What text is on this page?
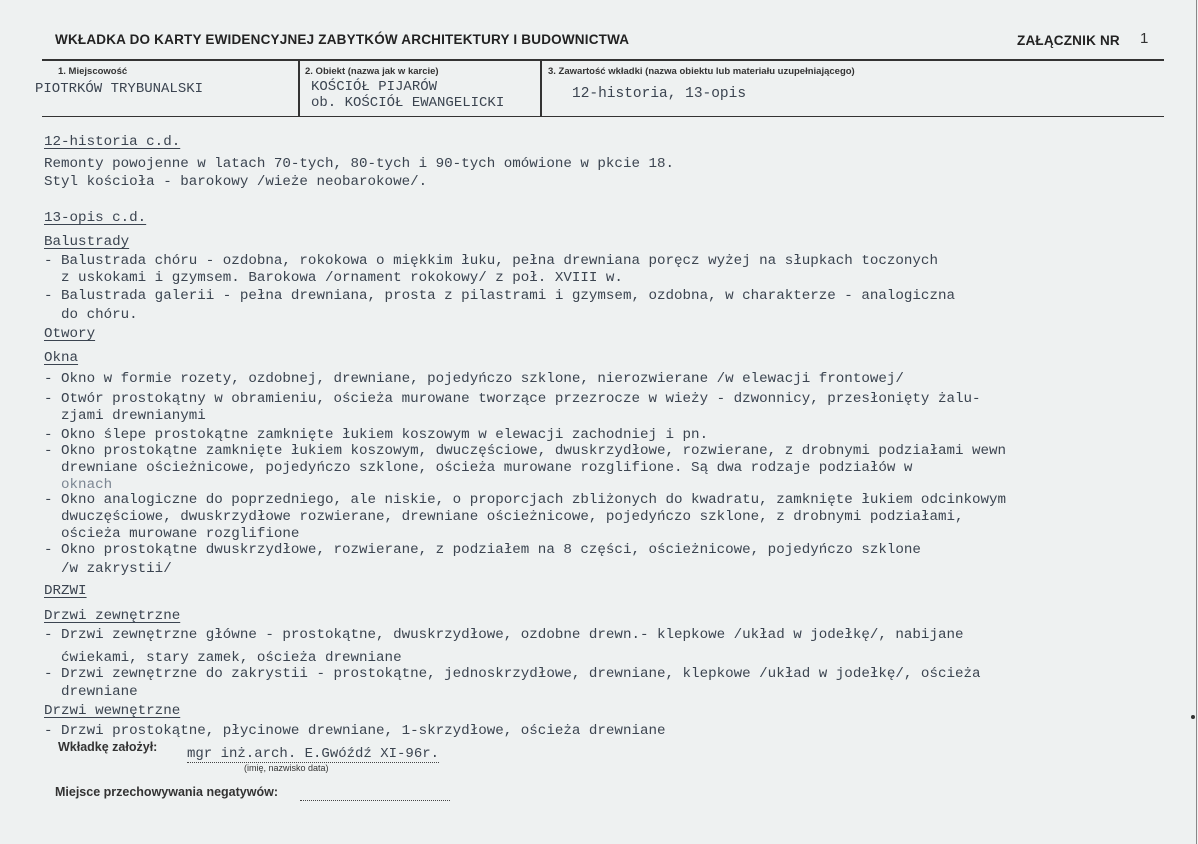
WKŁADKA DO KARTY EWIDENCYJNEJ ZABYTKÓW ARCHITEKTURY I BUDOWNICTWA	ZAŁĄCZNIK NR 1
1. Miejscowość
PIOTRKÓW TRYBUNALSKI
2. Obiekt (nazwa jak w karcie)
KOŚCIÓŁ PIJARÓW
ob. KOŚCIÓŁ EWANGELICKI
3. Zawartość wkładki (nazwa obiektu lub materiału uzupełniającego)
12-historia, 13-opis
12-historia c.d.
Remonty powojenne w latach 70-tych, 80-tych i 90-tych omówione w pkcie 18.
Styl kościoła - barokowy /wieże neobarokowe/.
13-opis c.d.
Balustrady
- Balustrada chóru - ozdobna, rokokowa o miękkim łuku, pełna drewniana poręcz wyżej na słupkach toczonych
z uskokami i gzymsem. Barokowa /ornament rokokowy/ z poł. XVIII w.
- Balustrada galerii - pełna drewniana, prosta z pilastrami i gzymsem, ozdobna, w charakterze - analogiczna
do chóru.
Otwory
Okna
- Okno w formie rozety, ozdobnej, drewniane, pojedyńczo szklone, nierozwierane /w elewacji frontowej/
- Otwór prostokątny w obramieniu, ościeża murowane tworzące przezrocze w wieży - dzwonnicy, przesłonięty żalu-
zjami drewnianymi
- Okno ślepe prostokątne zamknięte łukiem koszowym w elewacji zachodniej i pn.
- Okno prostokątne zamknięte łukiem koszowym, dwuczęściowe, dwuskrzydłowe, rozwierane, z drobnymi podziałami wewn
drewniane ościeżnicowe, pojedyńczo szklone, ościeża murowane rozglifione. Są dwa rodzaje podziałów w
oknach
- Okno analogiczne do poprzedniego, ale niskie, o proporcjach zbliżonych do kwadratu, zamknięte łukiem odcinkowym
dwuczęściowe, dwuskrzydłowe rozwierane, drewniane ościeżnicowe, pojedyńczo szklone, z drobnymi podziałami,
ościeża murowane rozglifione
- Okno prostokątne dwuskrzydłowe, rozwierane, z podziałem na 8 części, ościeżnicowe, pojedyńczo szklone
/w zakrystii/
DRZWI
Drzwi zewnętrzne
- Drzwi zewnętrzne główne - prostokątne, dwuskrzydłowe, ozdobne drewn.- klepkowe /układ w jodełkę/, nabijane
ćwiekami, stary zamek, ościeża drewniane
- Drzwi zewnętrzne do zakrystii - prostokątne, jednoskrzydłowe, drewniane, klepkowe /układ w jodełkę/, ościeża
drewniane
Drzwi wewnętrzne
- Drzwi prostokątne, płycinowe drewniane, 1-skrzydłowe, ościeża drewniane
Wkładkę założył: mgr inż.arch. E.Gwóźdź XI-96r.
(imię, nazwisko data)
Miejsce przechowywania negatywów:
